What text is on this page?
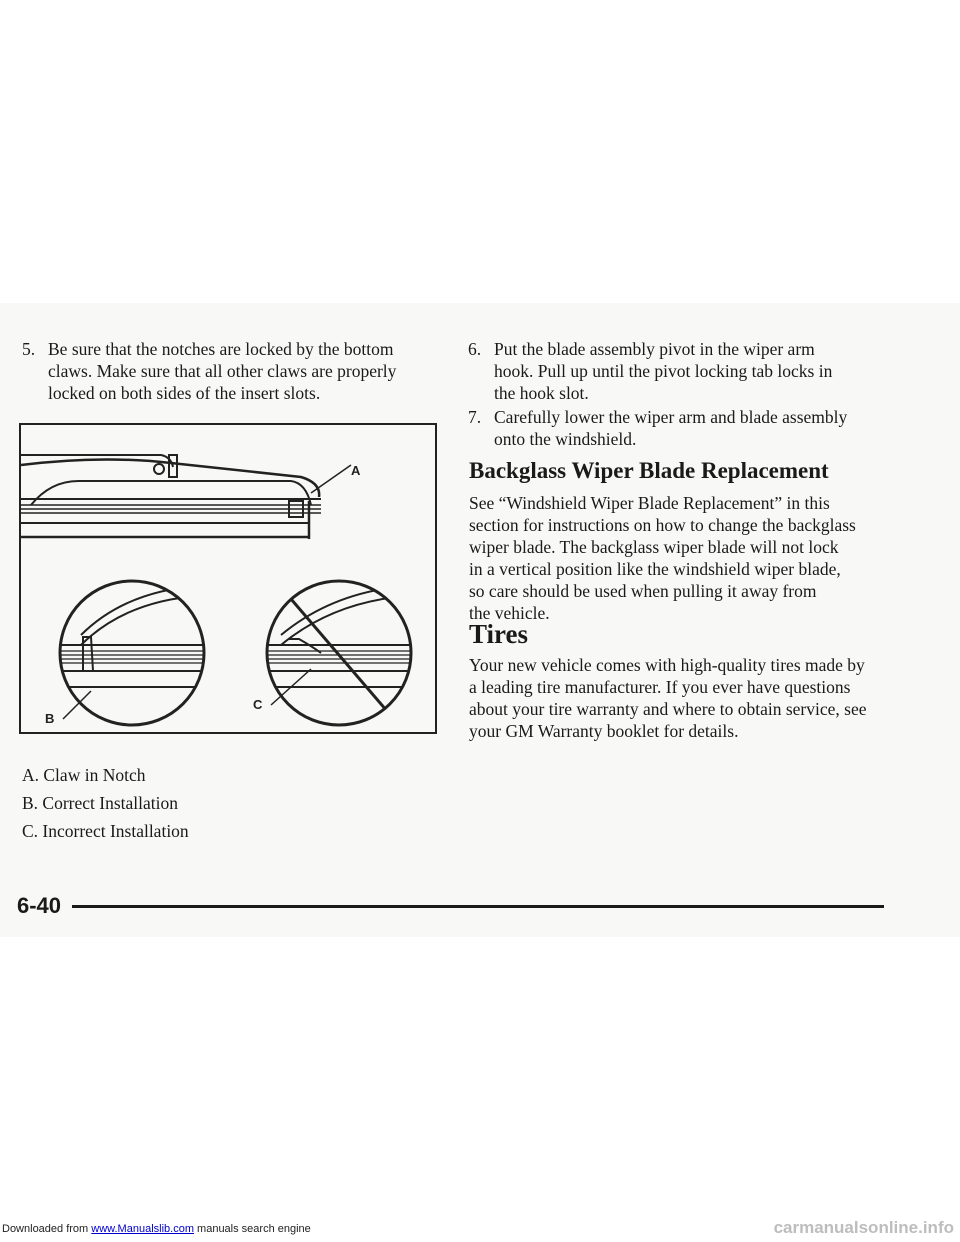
5. Be sure that the notches are locked by the bottom
claws. Make sure that all other claws are properly
locked on both sides of the insert slots.
A
B
C
A. Claw in Notch
B. Correct Installation
C. Incorrect Installation
6. Put the blade assembly pivot in the wiper arm
hook. Pull up until the pivot locking tab locks in
the hook slot.
7. Carefully lower the wiper arm and blade assembly
onto the windshield.
Backglass Wiper Blade Replacement
See “Windshield Wiper Blade Replacement” in this
section for instructions on how to change the backglass
wiper blade. The backglass wiper blade will not lock
in a vertical position like the windshield wiper blade,
so care should be used when pulling it away from
the vehicle.
Tires
Your new vehicle comes with high-quality tires made by
a leading tire manufacturer. If you ever have questions
about your tire warranty and where to obtain service, see
your GM Warranty booklet for details.
6-40
Downloaded from www.Manualslib.com manuals search engine	carmanualsonline.info
